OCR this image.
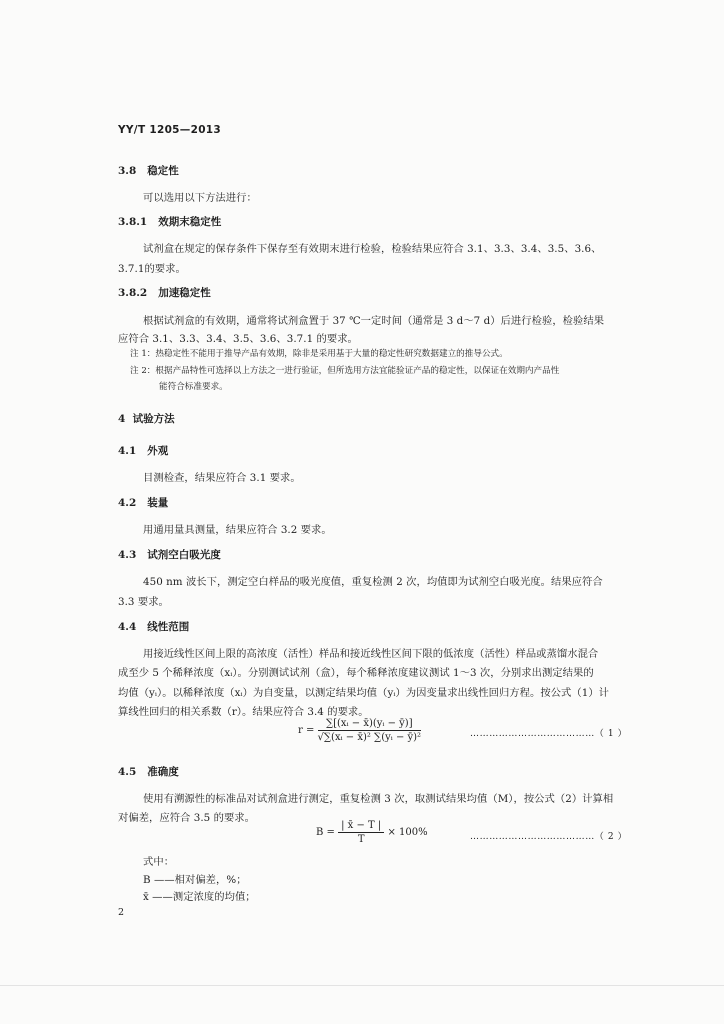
YY/T 1205—2013
3.8 稳定性
可以选用以下方法进行：
3.8.1 效期末稳定性
试剂盒在规定的保存条件下保存至有效期末进行检验，检验结果应符合 3.1、3.3、3.4、3.5、3.6、
3.7.1的要求。
3.8.2 加速稳定性
根据试剂盒的有效期，通常将试剂盒置于 37 ℃一定时间（通常是 3 d～7 d）后进行检验，检验结果
应符合 3.1、3.3、3.4、3.5、3.6、3.7.1 的要求。
注 1：热稳定性不能用于推导产品有效期，除非是采用基于大量的稳定性研究数据建立的推导公式。
注 2：根据产品特性可选择以上方法之一进行验证，但所选用方法宜能验证产品的稳定性，以保证在效期内产品性
能符合标准要求。
4 试验方法
4.1 外观
目测检查，结果应符合 3.1 要求。
4.2 装量
用通用量具测量，结果应符合 3.2 要求。
4.3 试剂空白吸光度
450 nm 波长下，测定空白样品的吸光度值，重复检测 2 次，均值即为试剂空白吸光度。结果应符合
3.3 要求。
4.4 线性范围
用接近线性区间上限的高浓度（活性）样品和接近线性区间下限的低浓度（活性）样品或蒸馏水混合
成至少 5 个稀释浓度（xᵢ）。分别测试试剂（盒），每个稀释浓度建议测试 1～3 次，分别求出测定结果的
均值（yᵢ）。以稀释浓度（xᵢ）为自变量，以测定结果均值（yᵢ）为因变量求出线性回归方程。按公式（1）计
算线性回归的相关系数（r）。结果应符合 3.4 的要求。
$r = \frac{\text{∑[(xᵢ − x̄)(yᵢ − ȳ)]}}{\text{√∑(xᵢ − x̄)² ∑(yᵢ − ȳ)²}}$	…………………………………（ 1 ）
4.5 准确度
使用有溯源性的标准品对试剂盒进行测定，重复检测 3 次，取测试结果均值（M），按公式（2）计算相
对偏差，应符合 3.5 的要求。
$B = \frac{| x̄ - T |}{T} \times 100\%$	…………………………………（ 2 ）
式中：
B ——相对偏差，%；
x̄ ——测定浓度的均值；
2
